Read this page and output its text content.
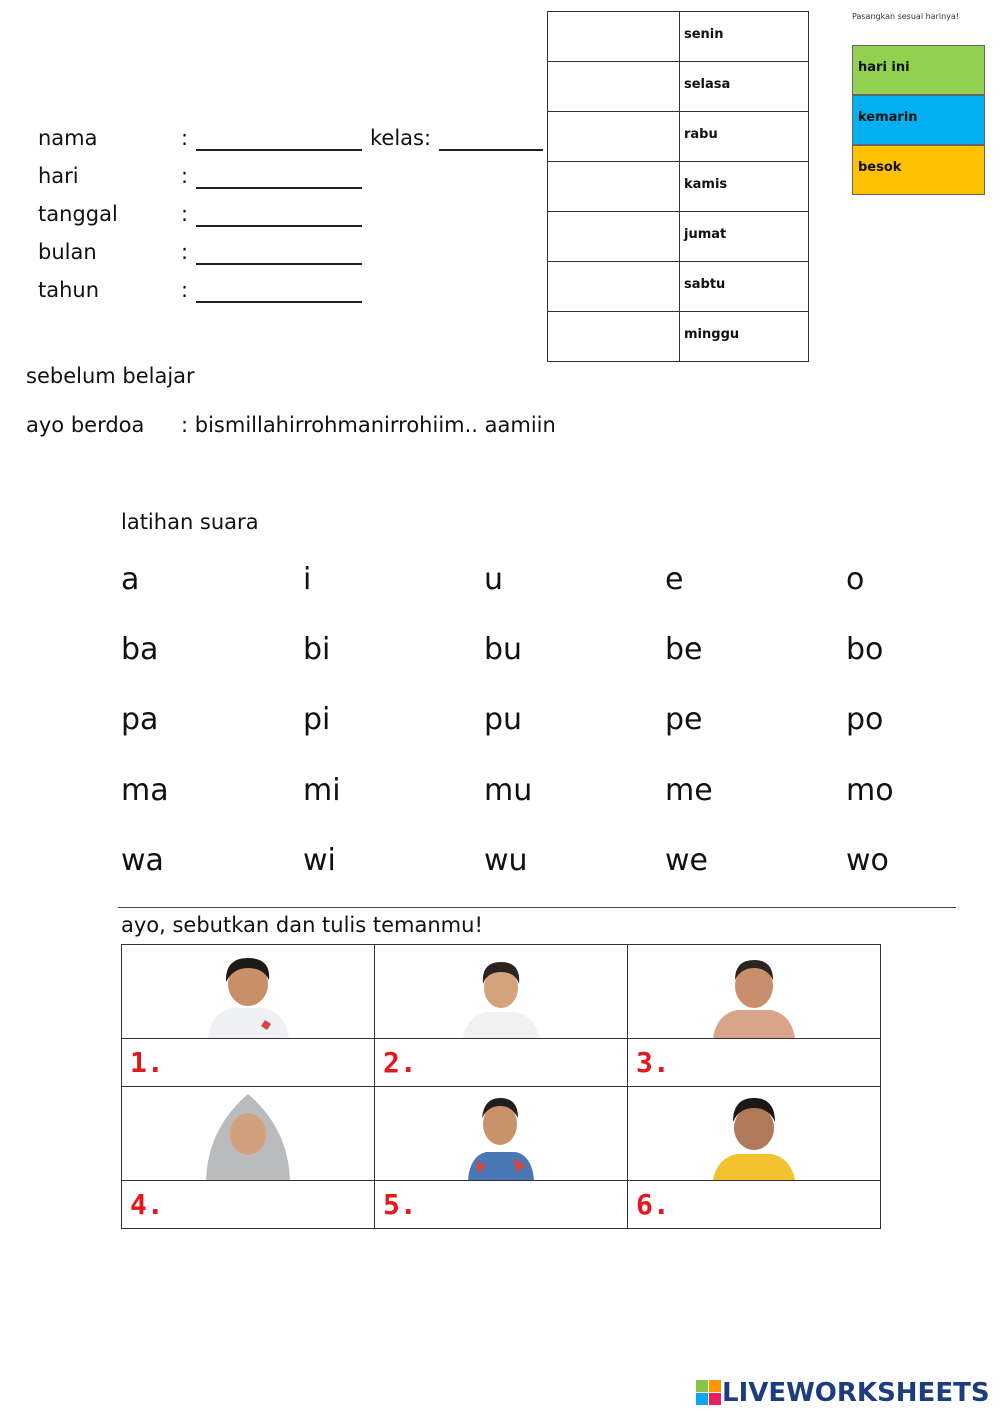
nama	:	kelas:
hari	:
tanggal	:
bulan	:
tahun	:
	senin
	selasa
	rabu
	kamis
	jumat
	sabtu
	minggu
Pasangkan sesuai harinya!
hari ini
kemarin
besok
sebelum belajar
ayo berdoa : bismillahirrohmanirrohiim.. aamiin
latihan suara
a	i	u	e	o
ba	bi	bu	be	bo
pa	pi	pu	pe	po
ma	mi	mu	me	mo
wa	wi	wu	we	wo
ayo, sebutkan dan tulis temanmu!

1.	2.	3.

4.	5.	6.
LIVEWORKSHEETS
